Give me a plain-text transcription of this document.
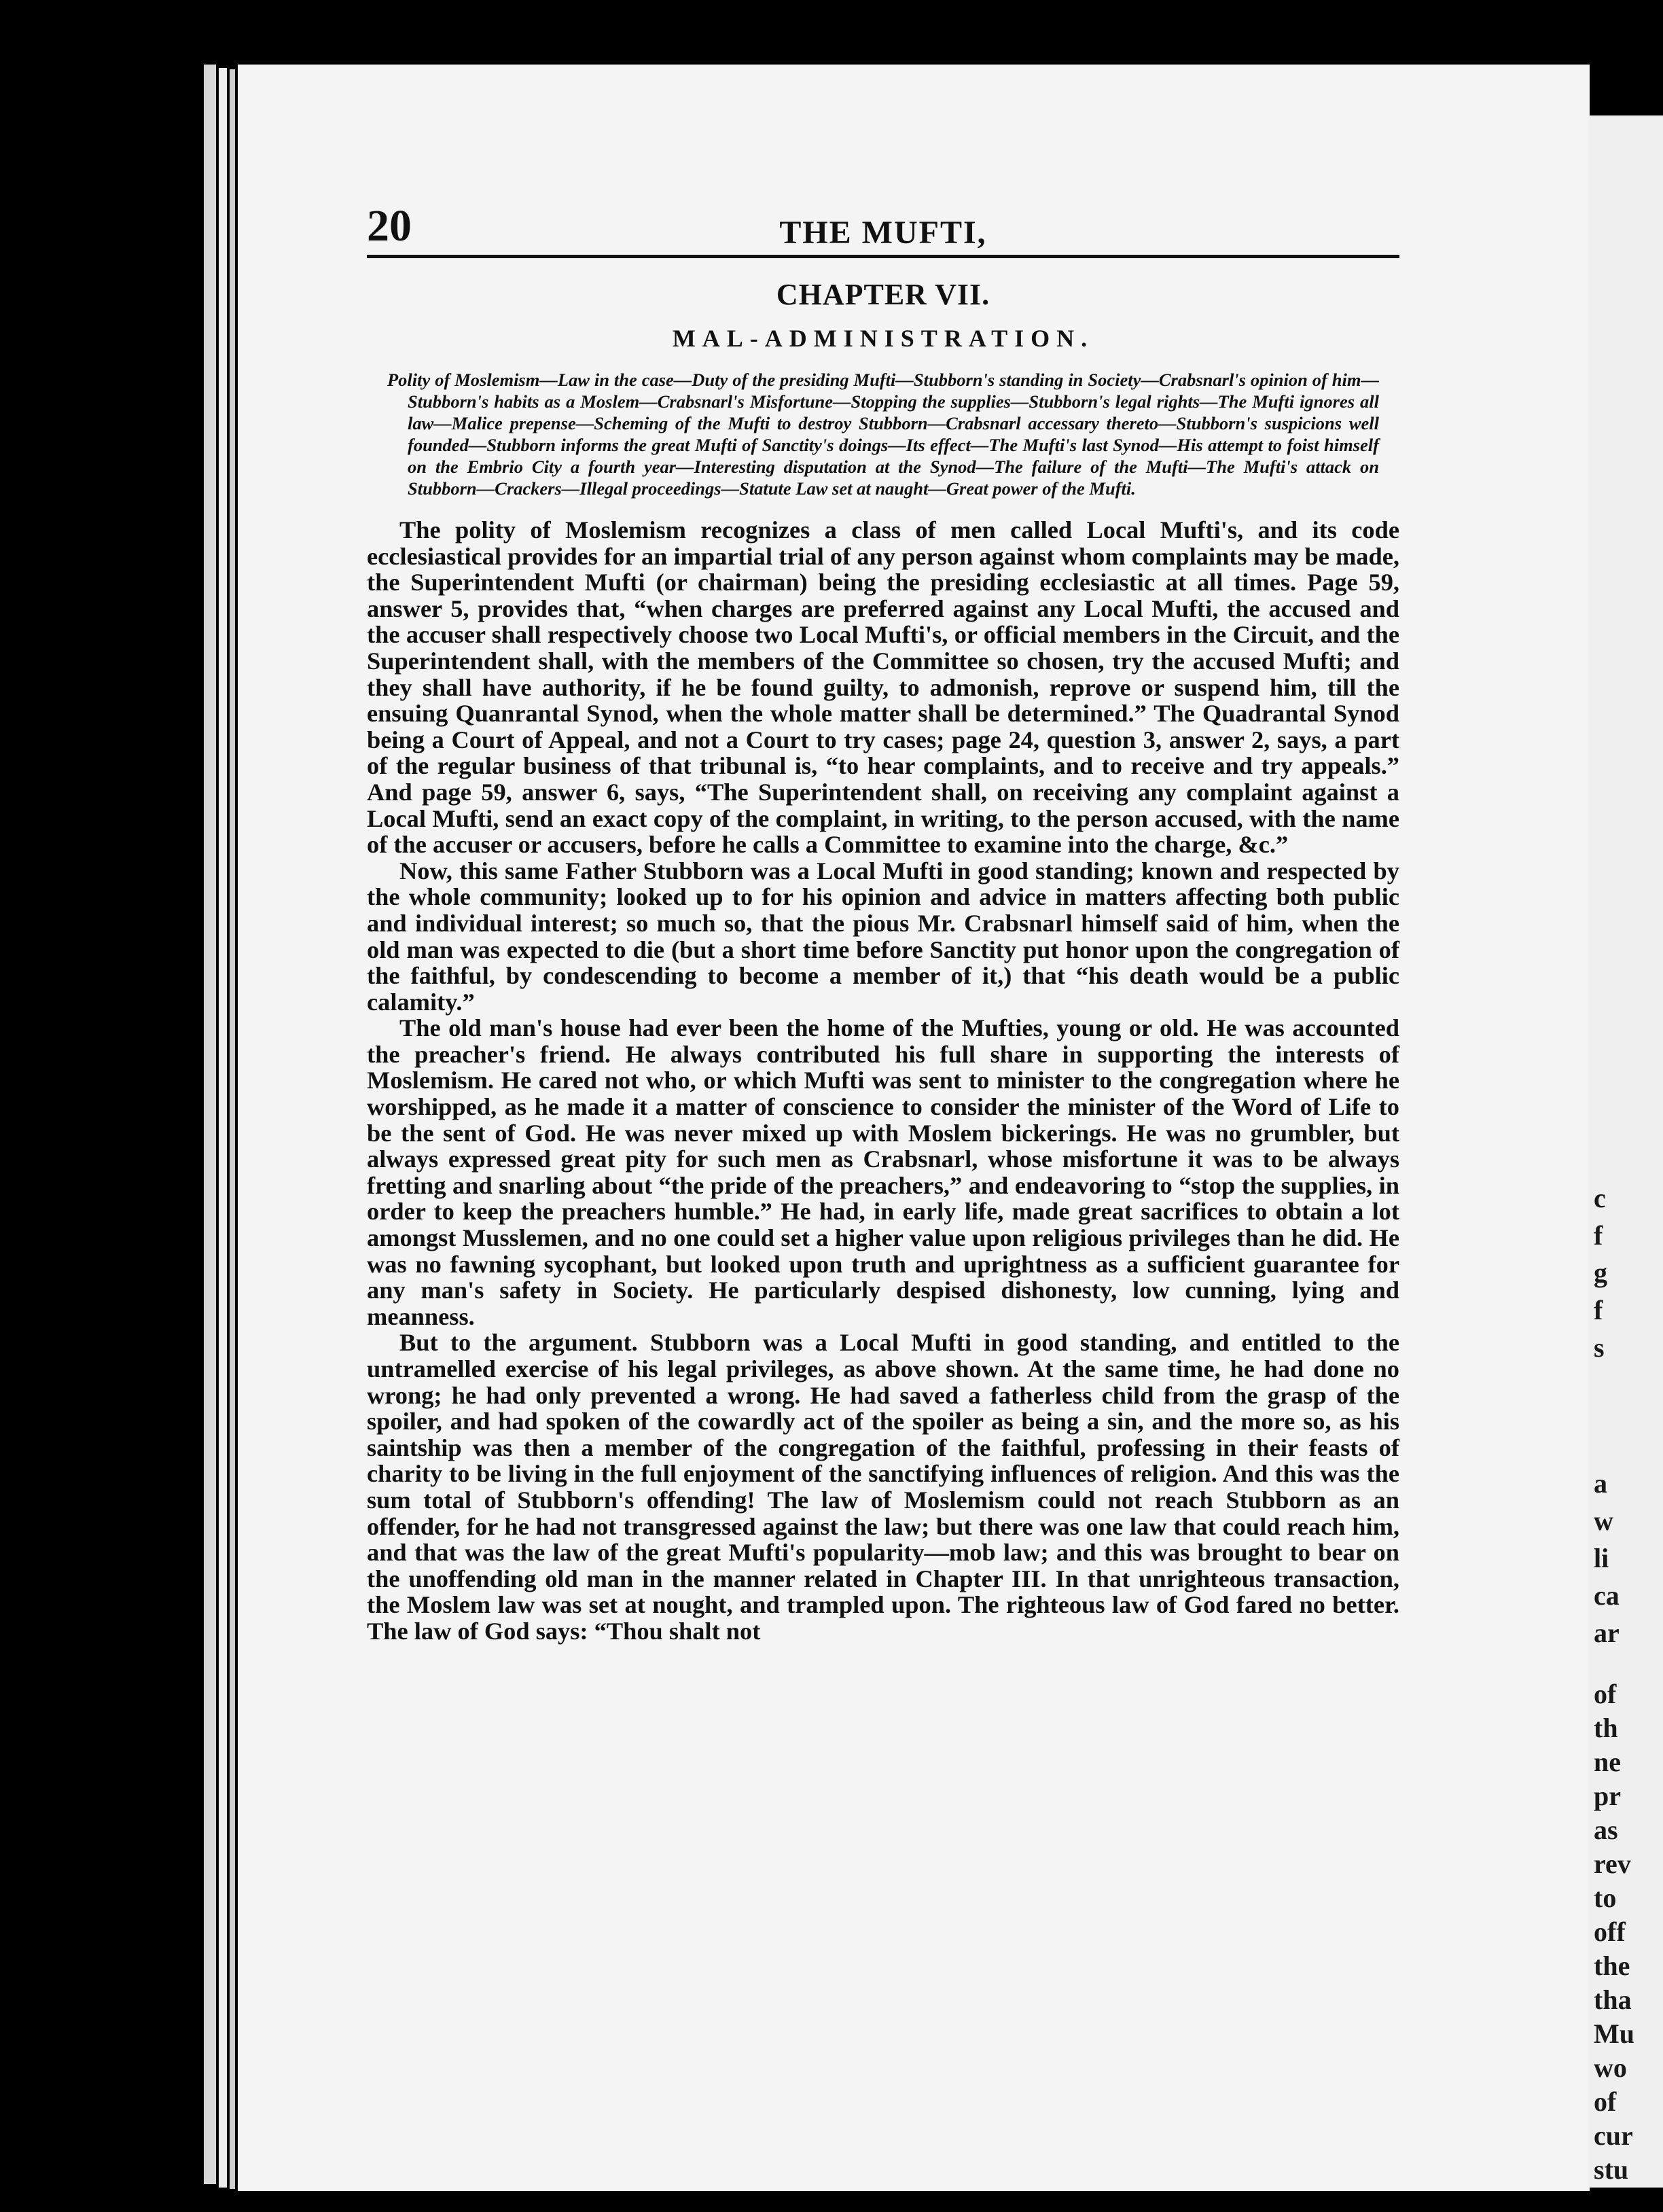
20	THE MUFTI,
CHAPTER VII.
MAL-ADMINISTRATION.
Polity of Moslemism—Law in the case—Duty of the presiding Mufti—Stubborn's standing in Society—Crabsnarl's opinion of him—Stubborn's habits as a Moslem—Crabsnarl's Misfortune—Stopping the supplies—Stubborn's legal rights—The Mufti ignores all law—Malice prepense—Scheming of the Mufti to destroy Stubborn—Crabsnarl accessary thereto—Stubborn's suspicions well founded—Stubborn informs the great Mufti of Sanctity's doings—Its effect—The Mufti's last Synod—His attempt to foist himself on the Embrio City a fourth year—Interesting disputation at the Synod—The failure of the Mufti—The Mufti's attack on Stubborn—Crackers—Illegal proceedings—Statute Law set at naught—Great power of the Mufti.

The polity of Moslemism recognizes a class of men called Local Mufti's, and its code ecclesiastical provides for an impartial trial of any person against whom complaints may be made, the Superintendent Mufti (or chairman) being the presiding ecclesiastic at all times. Page 59, answer 5, provides that, “when charges are preferred against any Local Mufti, the accused and the accuser shall respectively choose two Local Mufti's, or official members in the Circuit, and the Superintendent shall, with the members of the Committee so chosen, try the accused Mufti; and they shall have authority, if he be found guilty, to admonish, reprove or suspend him, till the ensuing Quanrantal Synod, when the whole matter shall be determined.” The Quadrantal Synod being a Court of Appeal, and not a Court to try cases; page 24, question 3, answer 2, says, a part of the regular business of that tribunal is, “to hear complaints, and to receive and try appeals.” And page 59, answer 6, says, “The Superintendent shall, on receiving any complaint against a Local Mufti, send an exact copy of the complaint, in writing, to the person accused, with the name of the accuser or accusers, before he calls a Committee to examine into the charge, &c.”

Now, this same Father Stubborn was a Local Mufti in good standing; known and respected by the whole community; looked up to for his opinion and advice in matters affecting both public and individual interest; so much so, that the pious Mr. Crabsnarl himself said of him, when the old man was expected to die (but a short time before Sanctity put honor upon the congregation of the faithful, by condescending to become a member of it,) that “his death would be a public calamity.”

The old man's house had ever been the home of the Mufties, young or old. He was accounted the preacher's friend. He always contributed his full share in supporting the interests of Moslemism. He cared not who, or which Mufti was sent to minister to the congregation where he worshipped, as he made it a matter of conscience to consider the minister of the Word of Life to be the sent of God. He was never mixed up with Moslem bickerings. He was no grumbler, but always expressed great pity for such men as Crabsnarl, whose misfortune it was to be always fretting and snarling about “the pride of the preachers,” and endeavoring to “stop the supplies, in order to keep the preachers humble.” He had, in early life, made great sacrifices to obtain a lot amongst Musslemen, and no one could set a higher value upon religious privileges than he did. He was no fawning sycophant, but looked upon truth and uprightness as a sufficient guarantee for any man's safety in Society. He particularly despised dishonesty, low cunning, lying and meanness.

But to the argument. Stubborn was a Local Mufti in good standing, and entitled to the untramelled exercise of his legal privileges, as above shown. At the same time, he had done no wrong; he had only prevented a wrong. He had saved a fatherless child from the grasp of the spoiler, and had spoken of the cowardly act of the spoiler as being a sin, and the more so, as his saintship was then a member of the congregation of the faithful, professing in their feasts of charity to be living in the full enjoyment of the sanctifying influences of religion. And this was the sum total of Stubborn's offending! The law of Moslemism could not reach Stubborn as an offender, for he had not transgressed against the law; but there was one law that could reach him, and that was the law of the great Mufti's popularity—mob law; and this was brought to bear on the unoffending old man in the manner related in Chapter III. In that unrighteous transaction, the Moslem law was set at nought, and trampled upon. The righteous law of God fared no better. The law of God says: “Thou shalt not

c
f
g
f
s
a
w
li
ca
ar
of
th
ne
pr
as
rev
to
off
the
tha
Mu
wo
of
cur
stu
